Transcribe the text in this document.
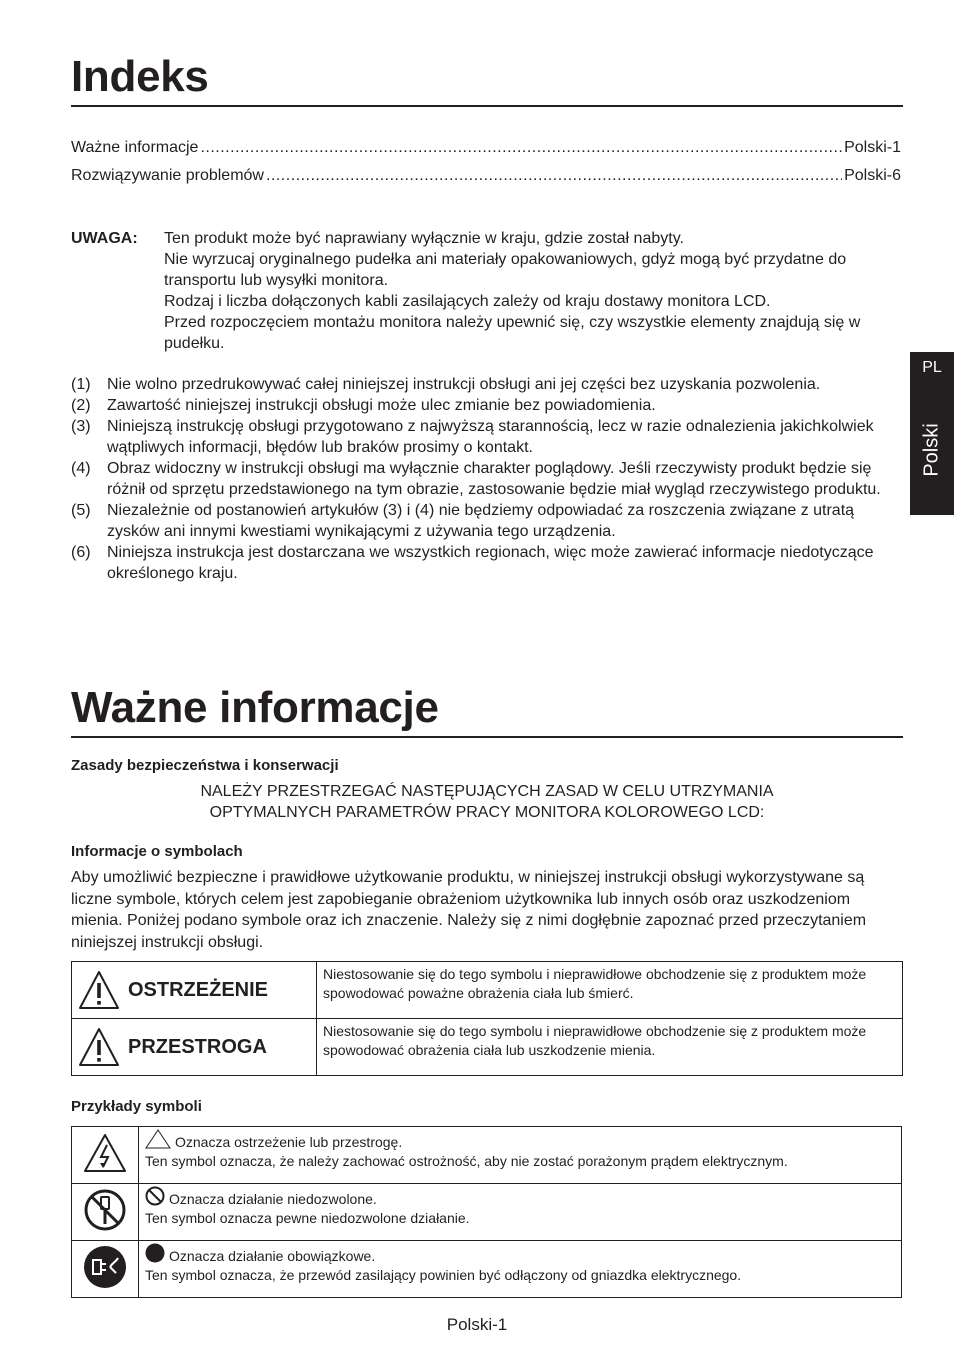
PL
Polski
Indeks
Ważne informacje .....	Polski-1
Rozwiązywanie problemów .....	Polski-6
UWAGA:	Ten produkt może być naprawiany wyłącznie w kraju, gdzie został nabyty.

Nie wyrzucaj oryginalnego pudełka ani materiały opakowaniowych, gdyż mogą być przydatne do transportu lub wysyłki monitora.

Rodzaj i liczba dołączonych kabli zasilających zależy od kraju dostawy monitora LCD.

Przed rozpoczęciem montażu monitora należy upewnić się, czy wszystkie elementy znajdują się w pudełku.

(1)	Nie wolno przedrukowywać całej niniejszej instrukcji obsługi ani jej części bez uzyskania pozwolenia.
(2)	Zawartość niniejszej instrukcji obsługi może ulec zmianie bez powiadomienia.
(3)	Niniejszą instrukcję obsługi przygotowano z najwyższą starannością, lecz w razie odnalezienia jakichkolwiek wątpliwych informacji, błędów lub braków prosimy o kontakt.
(4)	Obraz widoczny w instrukcji obsługi ma wyłącznie charakter poglądowy. Jeśli rzeczywisty produkt będzie się różnił od sprzętu przedstawionego na tym obrazie, zastosowanie będzie miał wygląd rzeczywistego produktu.
(5)	Niezależnie od postanowień artykułów (3) i (4) nie będziemy odpowiadać za roszczenia związane z utratą zysków ani innymi kwestiami wynikającymi z używania tego urządzenia.
(6)	Niniejsza instrukcja jest dostarczana we wszystkich regionach, więc może zawierać informacje niedotyczące określonego kraju.
Ważne informacje
Zasady bezpieczeństwa i konserwacji
NALEŻY PRZESTRZEGAĆ NASTĘPUJĄCYCH ZASAD W CELU UTRZYMANIA
OPTYMALNYCH PARAMETRÓW PRACY MONITORA KOLOROWEGO LCD:
Informacje o symbolach
Aby umożliwić bezpieczne i prawidłowe użytkowanie produktu, w niniejszej instrukcji obsługi wykorzystywane są liczne symbole, których celem jest zapobieganie obrażeniom użytkownika lub innych osób oraz uszkodzeniom mienia. Poniżej podano symbole oraz ich znaczenie. Należy się z nimi dogłębnie zapoznać przed przeczytaniem niniejszej instrukcji obsługi.
OSTRZEŻENIE	Niestosowanie się do tego symbolu i nieprawidłowe obchodzenie się z produktem może spowodować poważne obrażenia ciała lub śmierć.

PRZESTROGA	Niestosowanie się do tego symbolu i nieprawidłowe obchodzenie się z produktem może spowodować obrażenia ciała lub uszkodzenie mienia.
Przykłady symboli

Oznacza ostrzeżenie lub przestrogę.
Ten symbol oznacza, że należy zachować ostrożność, aby nie zostać porażonym prądem elektrycznym.

Oznacza działanie niedozwolone.
Ten symbol oznacza pewne niedozwolone działanie.

Oznacza działanie obowiązkowe.
Ten symbol oznacza, że przewód zasilający powinien być odłączony od gniazdka elektrycznego.
Polski-1
